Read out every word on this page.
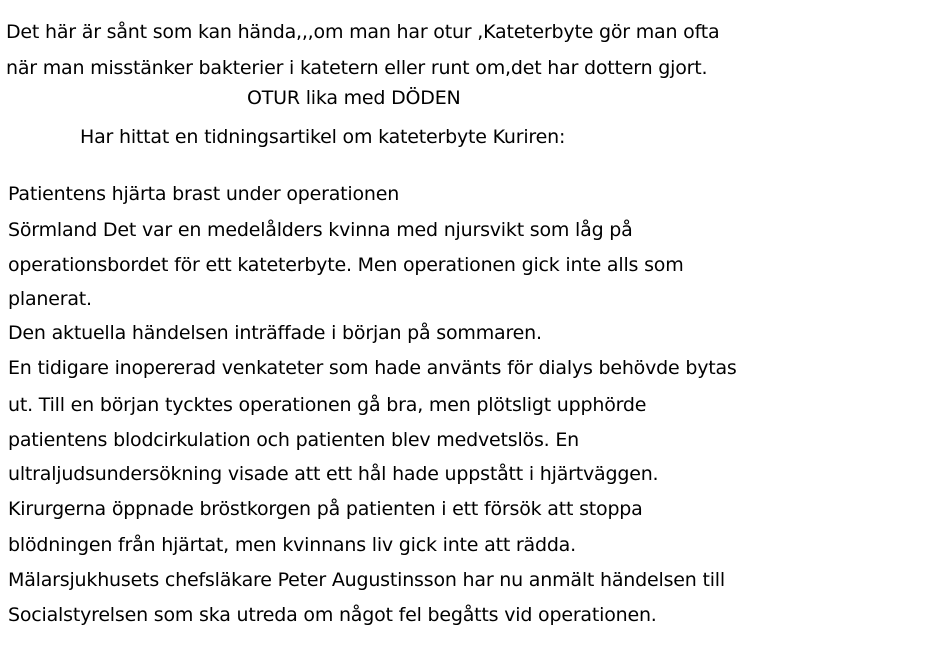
Det här är sånt som kan hända,,,om man har otur ,Kateterbyte gör man ofta
när man misstänker bakterier i katetern eller runt om,det har dottern gjort.
OTUR lika med DÖDEN
Har hittat en tidningsartikel om kateterbyte Kuriren:
Patientens hjärta brast under operationen
Sörmland Det var en medelålders kvinna med njursvikt som låg på
operationsbordet för ett kateterbyte. Men operationen gick inte alls som
planerat.
Den aktuella händelsen inträffade i början på sommaren.
En tidigare inopererad venkateter som hade använts för dialys behövde bytas
ut. Till en början tycktes operationen gå bra, men plötsligt upphörde
patientens blodcirkulation och patienten blev medvetslös. En
ultraljudsundersökning visade att ett hål hade uppstått i hjärtväggen.
Kirurgerna öppnade bröstkorgen på patienten i ett försök att stoppa
blödningen från hjärtat, men kvinnans liv gick inte att rädda.
Mälarsjukhusets chefsläkare Peter Augustinsson har nu anmält händelsen till
Socialstyrelsen som ska utreda om något fel begåtts vid operationen.
